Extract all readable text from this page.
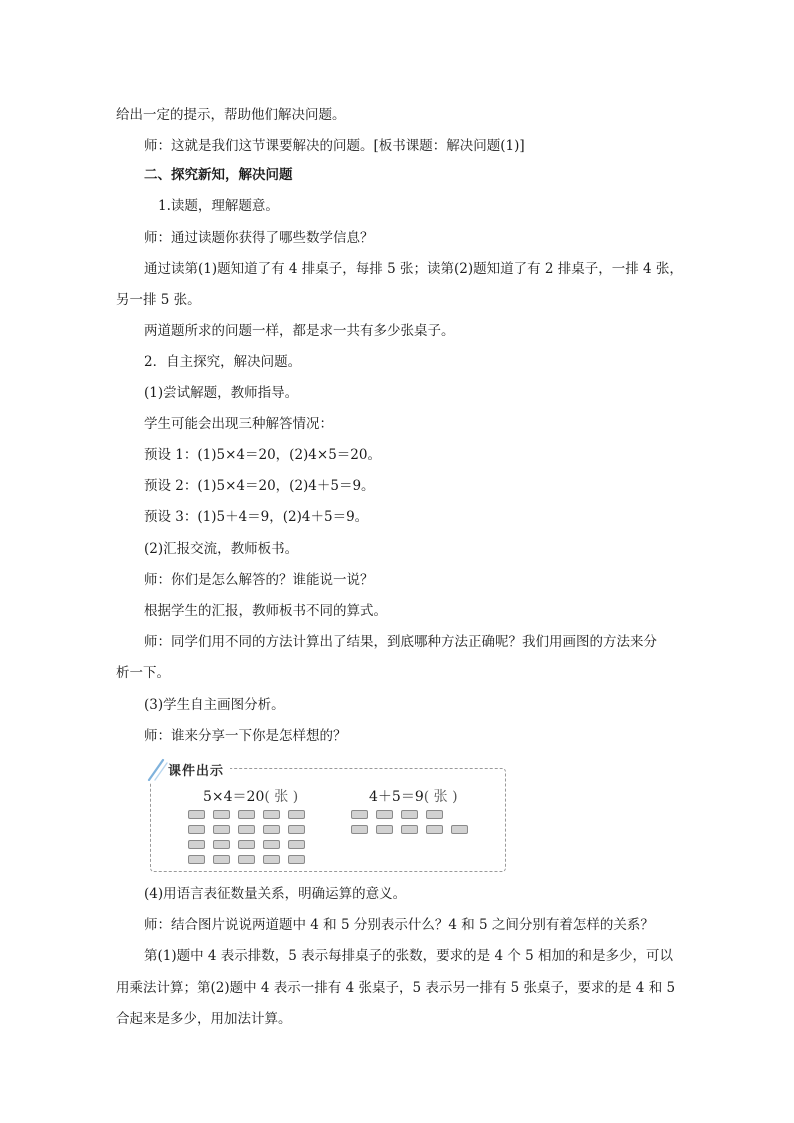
给出一定的提示，帮助他们解决问题。
师：这就是我们这节课要解决的问题。[板书课题：解决问题(1)]
二、探究新知，解决问题
1.读题，理解题意。
师：通过读题你获得了哪些数学信息？
通过读第(1)题知道了有 4 排桌子，每排 5 张；读第(2)题知道了有 2 排桌子，一排 4 张，
另一排 5 张。
两道题所求的问题一样，都是求一共有多少张桌子。
2．自主探究，解决问题。
(1)尝试解题，教师指导。
学生可能会出现三种解答情况：
预设 1：(1)5×4＝20，(2)4×5＝20。
预设 2：(1)5×4＝20，(2)4＋5＝9。
预设 3：(1)5＋4＝9，(2)4＋5＝9。
(2)汇报交流，教师板书。
师：你们是怎么解答的？谁能说一说？
根据学生的汇报，教师板书不同的算式。
师：同学们用不同的方法计算出了结果，到底哪种方法正确呢？我们用画图的方法来分
析一下。
(3)学生自主画图分析。
师：谁来分享一下你是怎样想的？
课件出示
5×4＝20( 张 )	4＋5＝9( 张 )
(4)用语言表征数量关系，明确运算的意义。
师：结合图片说说两道题中 4 和 5 分别表示什么？4 和 5 之间分别有着怎样的关系？
第(1)题中 4 表示排数，5 表示每排桌子的张数，要求的是 4 个 5 相加的和是多少，可以
用乘法计算；第(2)题中 4 表示一排有 4 张桌子，5 表示另一排有 5 张桌子，要求的是 4 和 5
合起来是多少，用加法计算。
